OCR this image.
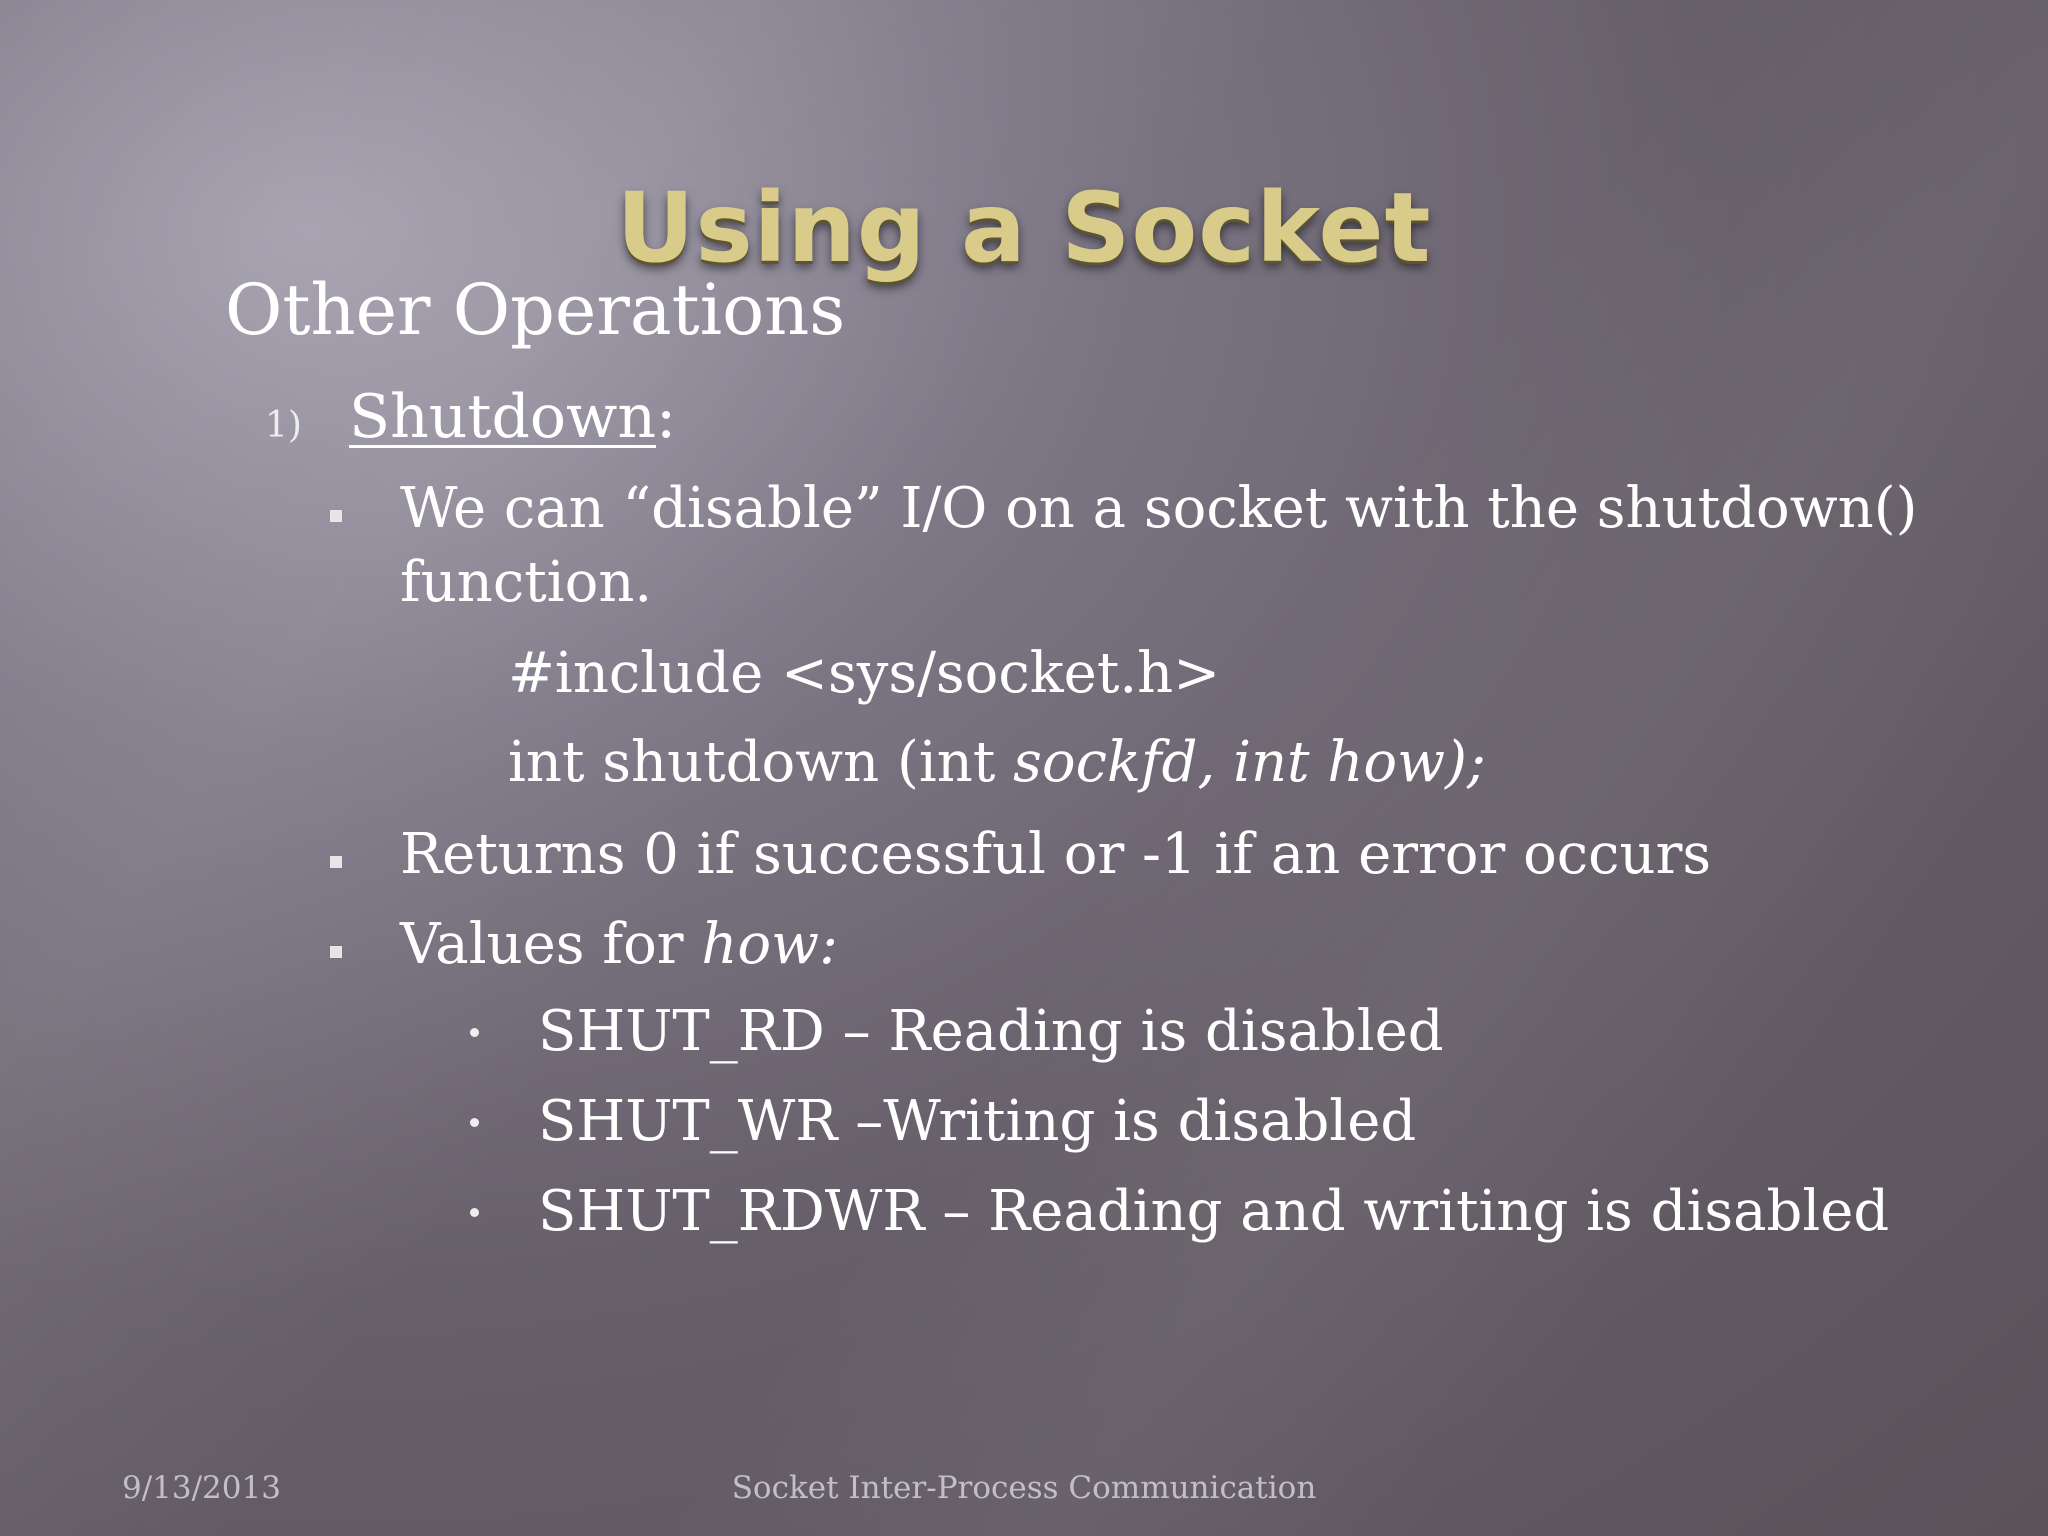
Using a Socket
Other Operations
1) Shutdown :
We can “disable” I/O on a socket with the shutdown() function.
#include <sys/socket.h>
int shutdown (int sockfd, int how);
Returns 0 if successful or -1 if an error occurs
Values for how:
SHUT_RD – Reading is disabled
SHUT_WR –Writing is disabled
SHUT_RDWR – Reading and writing is disabled
9/13/2013	Socket Inter-Process Communication
